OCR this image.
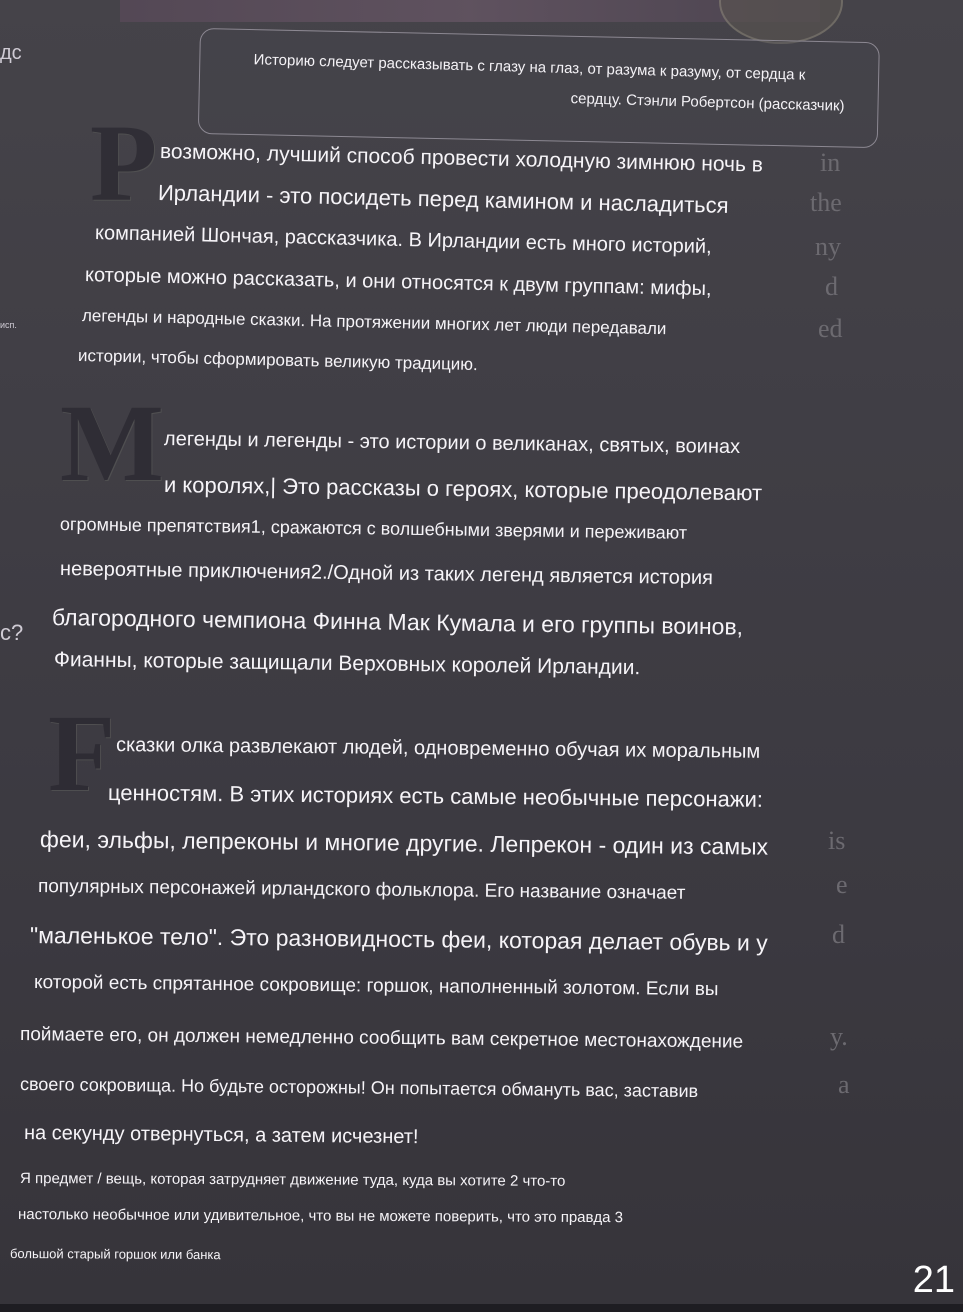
дс
исп.
с?
in
the
ny
d
ed
is
e
d
y.
a
Историю следует рассказывать с глазу на глаз, от разума к разуму, от сердца к
сердцу. Стэнли Робертсон (рассказчик)
P возможно, лучший способ провести холодную зимнюю ночь в
Ирландии - это посидеть перед камином и насладиться
компанией Шончая, рассказчика. В Ирландии есть много историй,
которые можно рассказать, и они относятся к двум группам: мифы,
легенды и народные сказки. На протяжении многих лет люди передавали
истории, чтобы сформировать великую традицию.
M легенды и легенды - это истории о великанах, святых, воинах
и королях,| Это рассказы о героях, которые преодолевают
огромные препятствия1, сражаются с волшебными зверями и переживают
невероятные приключения2./Одной из таких легенд является история
благородного чемпиона Финна Мак Кумала и его группы воинов,
Фианны, которые защищали Верховных королей Ирландии.
F сказки олка развлекают людей, одновременно обучая их моральным
ценностям. В этих историях есть самые необычные персонажи:
феи, эльфы, лепреконы и многие другие. Лепрекон - один из самых
популярных персонажей ирландского фольклора. Его название означает
"маленькое тело". Это разновидность феи, которая делает обувь и у
которой есть спрятанное сокровище: горшок, наполненный золотом. Если вы
поймаете его, он должен немедленно сообщить вам секретное местонахождение
своего сокровища. Но будьте осторожны! Он попытается обмануть вас, заставив
на секунду отвернуться, а затем исчезнет!
Я предмет / вещь, которая затрудняет движение туда, куда вы хотите 2 что-то
настолько необычное или удивительное, что вы не можете поверить, что это правда 3
большой старый горшок или банка
21
